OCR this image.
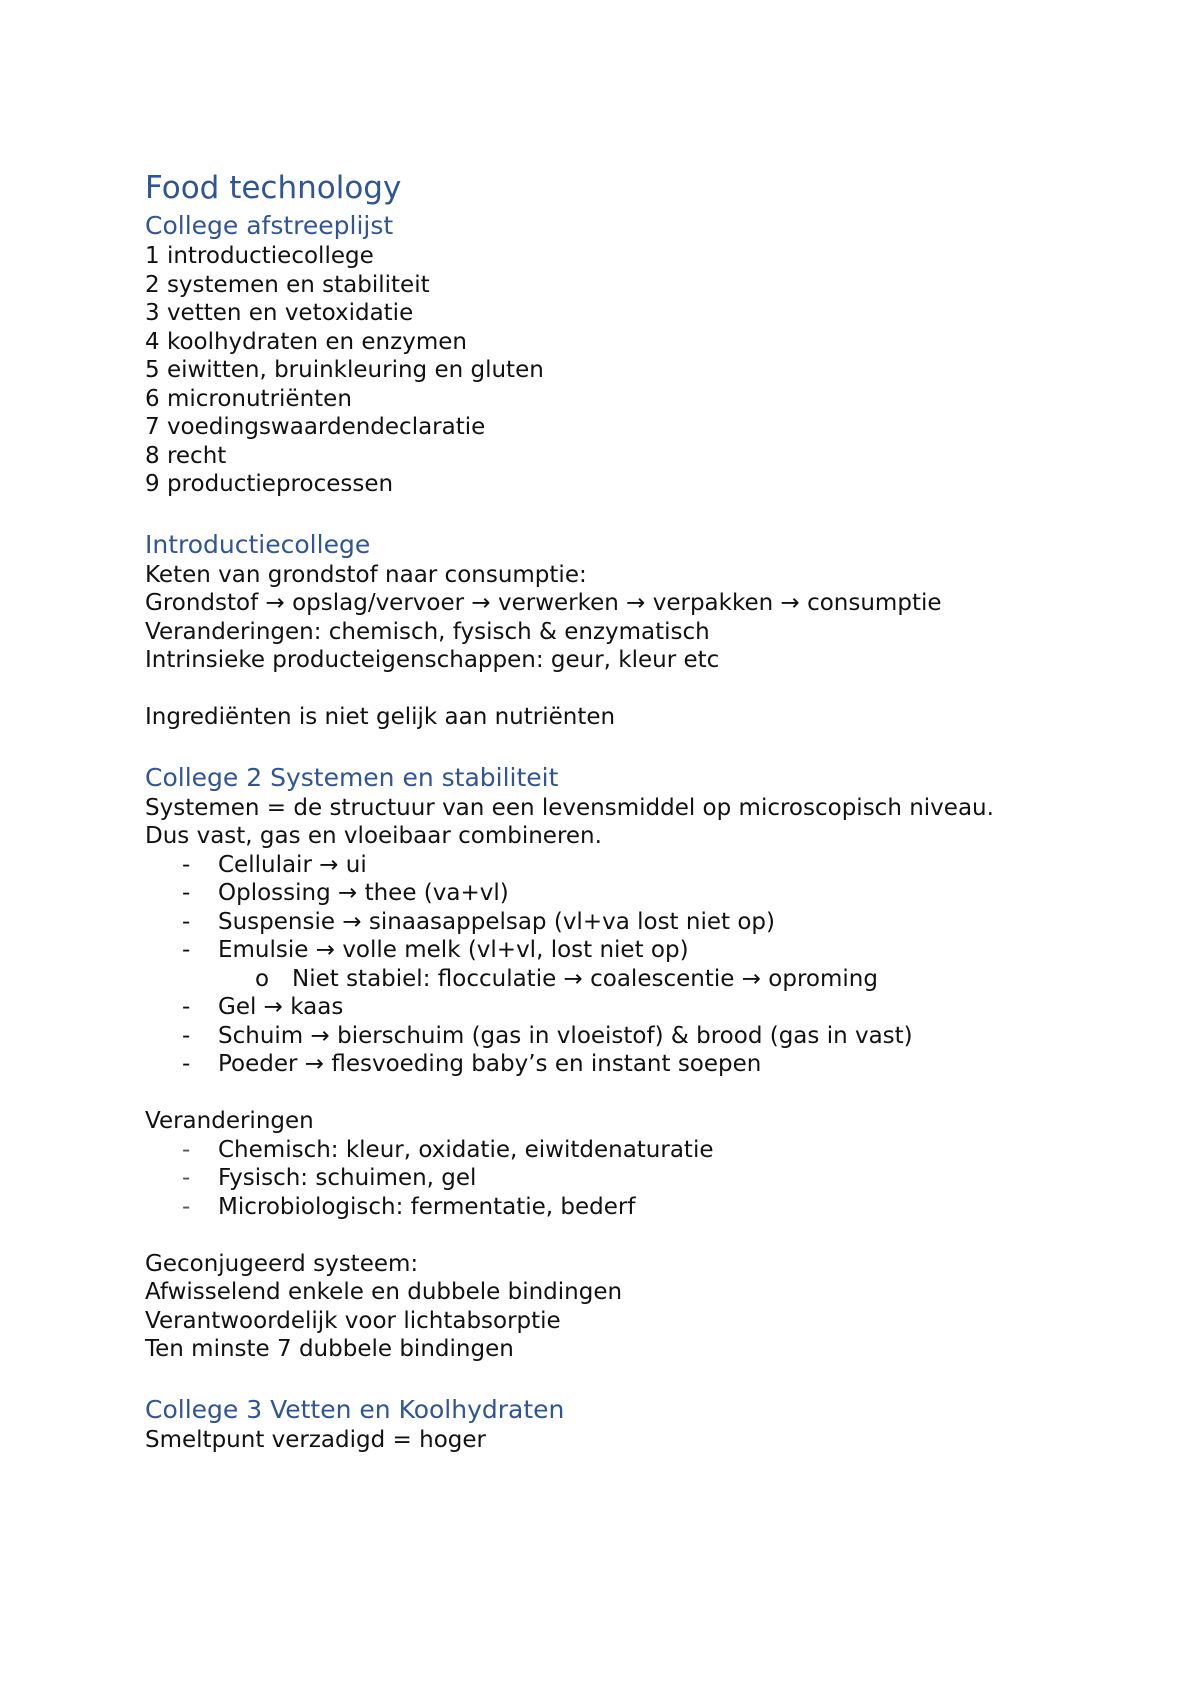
Food technology
College afstreeplijst

1 introductiecollege

2 systemen en stabiliteit

3 vetten en vetoxidatie

4 koolhydraten en enzymen

5 eiwitten, bruinkleuring en gluten

6 micronutriënten

7 voedingswaardendeclaratie

8 recht

9 productieprocessen

Introductiecollege

Keten van grondstof naar consumptie:

Grondstof → opslag/vervoer → verwerken → verpakken → consumptie

Veranderingen: chemisch, fysisch & enzymatisch

Intrinsieke producteigenschappen: geur, kleur etc

Ingrediënten is niet gelijk aan nutriënten

College 2 Systemen en stabiliteit

Systemen = de structuur van een levensmiddel op microscopisch niveau.

Dus vast, gas en vloeibaar combineren.

- Cellulair → ui
- Oplossing → thee (va+vl)
- Suspensie → sinaasappelsap (vl+va lost niet op)
- Emulsie → volle melk (vl+vl, lost niet op)
o Niet stabiel: flocculatie → coalescentie → oproming
- Gel → kaas
- Schuim → bierschuim (gas in vloeistof) & brood (gas in vast)
- Poeder → flesvoeding baby’s en instant soepen

Veranderingen

- Chemisch: kleur, oxidatie, eiwitdenaturatie
- Fysisch: schuimen, gel
- Microbiologisch: fermentatie, bederf

Geconjugeerd systeem:

Afwisselend enkele en dubbele bindingen

Verantwoordelijk voor lichtabsorptie

Ten minste 7 dubbele bindingen

College 3 Vetten en Koolhydraten

Smeltpunt verzadigd = hoger
